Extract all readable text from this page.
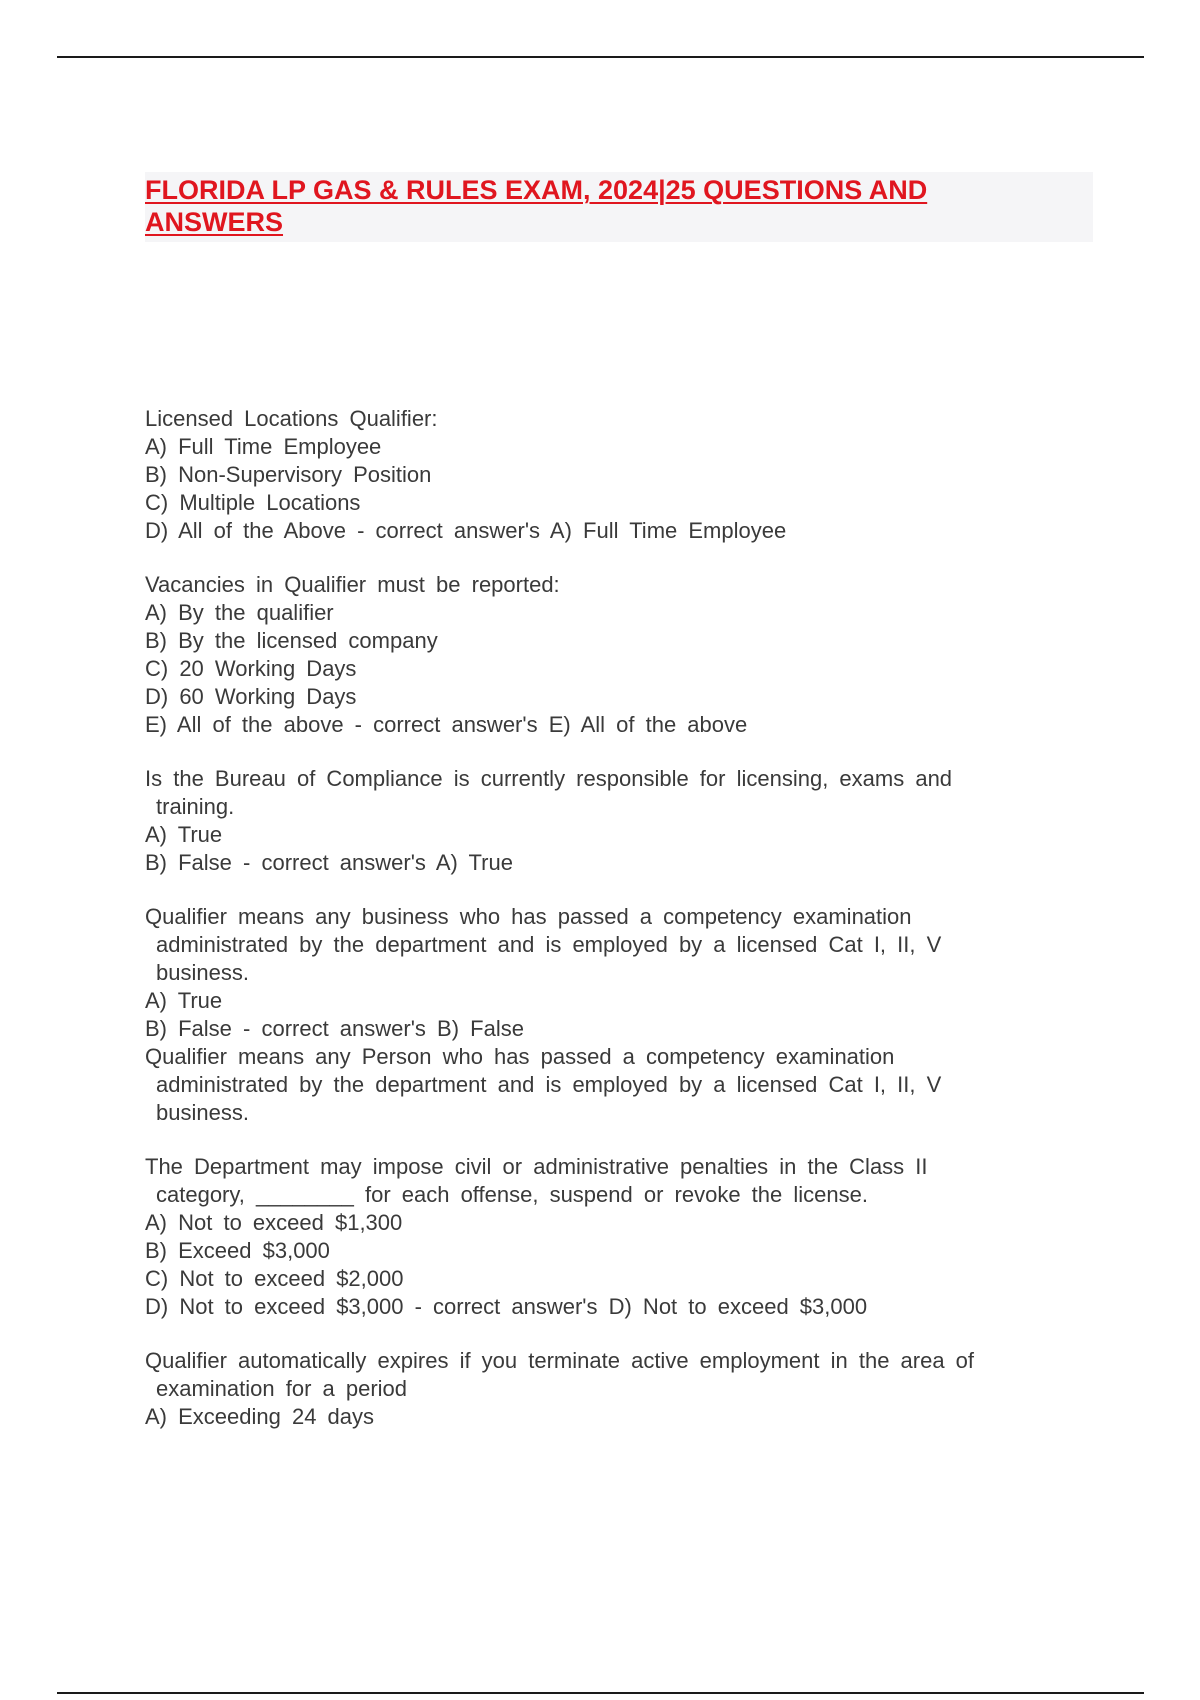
FLORIDA LP GAS & RULES EXAM, 2024|25 QUESTIONS AND ANSWERS

Licensed Locations Qualifier:

A) Full Time Employee

B) Non-Supervisory Position

C) Multiple Locations

D) All of the Above - correct answer's A) Full Time Employee

Vacancies in Qualifier must be reported:

A) By the qualifier

B) By the licensed company

C) 20 Working Days

D) 60 Working Days

E) All of the above - correct answer's E) All of the above

Is the Bureau of Compliance is currently responsible for licensing, exams and

training.

A) True

B) False - correct answer's A) True

Qualifier means any business who has passed a competency examination

administrated by the department and is employed by a licensed Cat I, II, V

business.

A) True

B) False - correct answer's B) False

Qualifier means any Person who has passed a competency examination

administrated by the department and is employed by a licensed Cat I, II, V

business.

The Department may impose civil or administrative penalties in the Class II

category, ________ for each offense, suspend or revoke the license.

A) Not to exceed $1,300

B) Exceed $3,000

C) Not to exceed $2,000

D) Not to exceed $3,000 - correct answer's D) Not to exceed $3,000

Qualifier automatically expires if you terminate active employment in the area of

examination for a period

A) Exceeding 24 days
